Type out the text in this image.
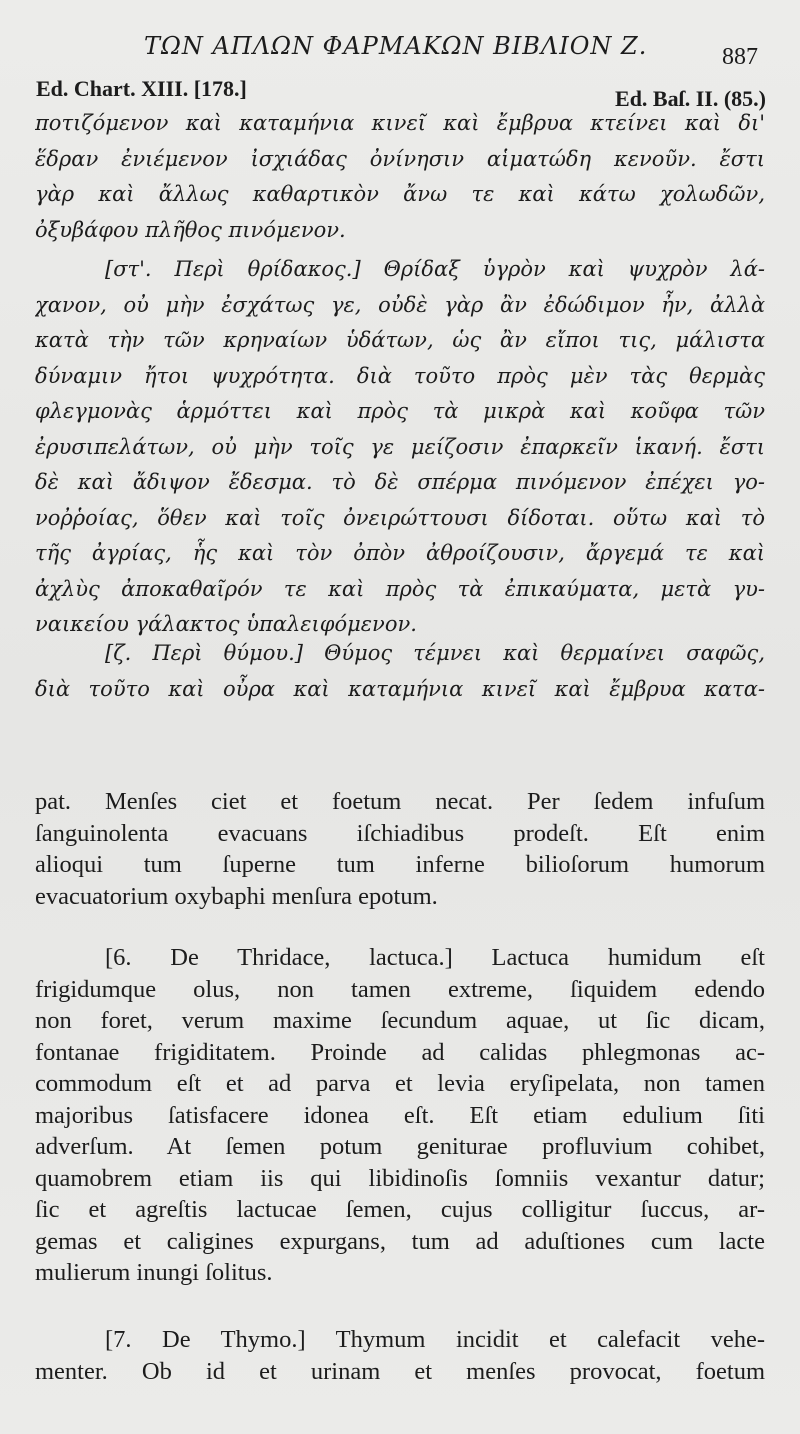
ΤΩΝ ΑΠΛΩΝ ΦΑΡΜΑΚΩΝ ΒΙΒΛΙΟΝ Ζ.	887
Ed. Chart. XIII. [178.]	Ed. Baſ. II. (85.)
ποτιζόμενον καὶ καταμήνια κινεῖ καὶ ἔμβρυα κτείνει καὶ δι'
ἕδραν ἐνιέμενον ἰσχιάδας ὀνίνησιν αἱματώδη κενοῦν. ἔστι
γὰρ καὶ ἄλλως καθαρτικὸν ἄνω τε καὶ κάτω χολωδῶν,
ὀξυβάφου πλῆθος πινόμενον.
[στ'. Περὶ θρίδακος.] Θρίδαξ ὑγρὸν καὶ ψυχρὸν λά-
χανον, οὐ μὴν ἐσχάτως γε, οὐδὲ γὰρ ἂν ἐδώδιμον ἦν, ἀλλὰ
κατὰ τὴν τῶν κρηναίων ὑδάτων, ὡς ἂν εἴποι τις, μάλιστα
δύναμιν ἤτοι ψυχρότητα. διὰ τοῦτο πρὸς μὲν τὰς θερμὰς
φλεγμονὰς ἁρμόττει καὶ πρὸς τὰ μικρὰ καὶ κοῦφα τῶν
ἐρυσιπελάτων, οὐ μὴν τοῖς γε μείζοσιν ἐπαρκεῖν ἱκανή. ἔστι
δὲ καὶ ἄδιψον ἔδεσμα. τὸ δὲ σπέρμα πινόμενον ἐπέχει γο-
νοῤῥοίας, ὅθεν καὶ τοῖς ὀνειρώττουσι δίδοται. οὕτω καὶ τὸ
τῆς ἀγρίας, ἧς καὶ τὸν ὀπὸν ἀθροίζουσιν, ἄργεμά τε καὶ
ἀχλὺς ἀποκαθαῖρόν τε καὶ πρὸς τὰ ἐπικαύματα, μετὰ γυ-
ναικείου γάλακτος ὑπαλειφόμενον.
[ζ. Περὶ θύμου.] Θύμος τέμνει καὶ θερμαίνει σαφῶς,
διὰ τοῦτο καὶ οὖρα καὶ καταμήνια κινεῖ καὶ ἔμβρυα κατα-
pat. Menſes ciet et foetum necat. Per ſedem infuſum
ſanguinolenta evacuans iſchiadibus prodeſt. Eſt enim
alioqui tum ſuperne tum inferne bilioſorum humorum
evacuatorium oxybaphi menſura epotum.
[6. De Thridace, lactuca.] Lactuca humidum eſt
frigidumque olus, non tamen extreme, ſiquidem edendo
non foret, verum maxime ſecundum aquae, ut ſic dicam,
fontanae frigiditatem. Proinde ad calidas phlegmonas ac-
commodum eſt et ad parva et levia eryſipelata, non tamen
majoribus ſatisfacere idonea eſt. Eſt etiam edulium ſiti
adverſum. At ſemen potum geniturae profluvium cohibet,
quamobrem etiam iis qui libidinoſis ſomniis vexantur datur;
ſic et agreſtis lactucae ſemen, cujus colligitur ſuccus, ar-
gemas et caligines expurgans, tum ad aduſtiones cum lacte
mulierum inungi ſolitus.
[7. De Thymo.] Thymum incidit et calefacit vehe-
menter. Ob id et urinam et menſes provocat, foetum
